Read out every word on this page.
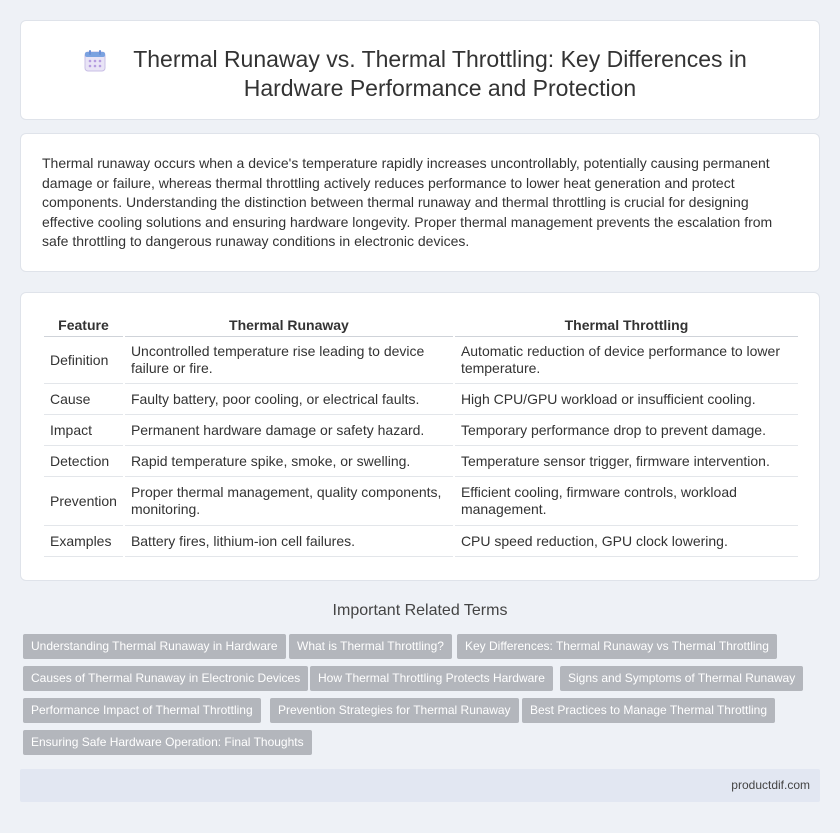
Thermal Runaway vs. Thermal Throttling: Key Differences in Hardware Performance and Protection

Thermal runaway occurs when a device's temperature rapidly increases uncontrollably, potentially causing permanent damage or failure, whereas thermal throttling actively reduces performance to lower heat generation and protect components. Understanding the distinction between thermal runaway and thermal throttling is crucial for designing effective cooling solutions and ensuring hardware longevity. Proper thermal management prevents the escalation from safe throttling to dangerous runaway conditions in electronic devices.

Feature	Thermal Runaway	Thermal Throttling
Definition	Uncontrolled temperature rise leading to device failure or fire.	Automatic reduction of device performance to lower temperature.
Cause	Faulty battery, poor cooling, or electrical faults.	High CPU/GPU workload or insufficient cooling.
Impact	Permanent hardware damage or safety hazard.	Temporary performance drop to prevent damage.
Detection	Rapid temperature spike, smoke, or swelling.	Temperature sensor trigger, firmware intervention.
Prevention	Proper thermal management, quality components, monitoring.	Efficient cooling, firmware controls, workload management.
Examples	Battery fires, lithium-ion cell failures.	CPU speed reduction, GPU clock lowering.
Important Related Terms
Understanding Thermal Runaway in Hardware	What is Thermal Throttling?	Key Differences: Thermal Runaway vs Thermal Throttling
Causes of Thermal Runaway in Electronic Devices	How Thermal Throttling Protects Hardware	Signs and Symptoms of Thermal Runaway
Performance Impact of Thermal Throttling	Prevention Strategies for Thermal Runaway	Best Practices to Manage Thermal Throttling
Ensuring Safe Hardware Operation: Final Thoughts
productdif.com
